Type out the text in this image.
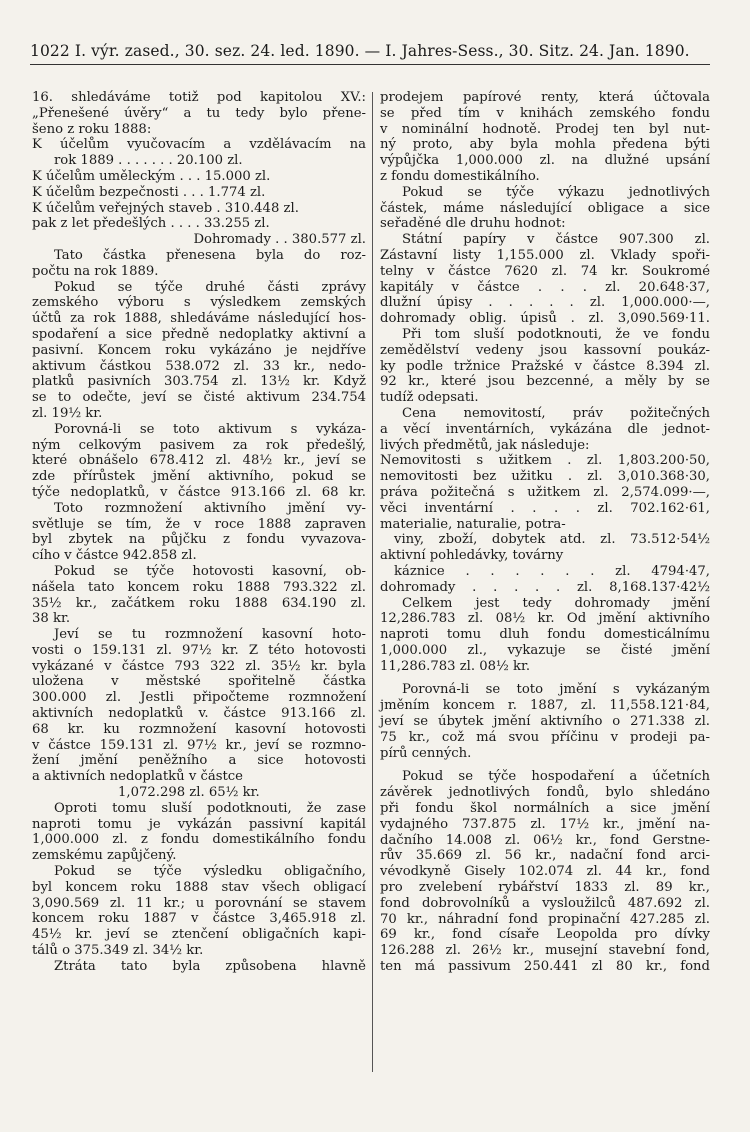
1022 I. výr. zased., 30. sez. 24. led. 1890. — I. Jahres-Sess., 30. Sitz. 24. Jan. 1890.
16. shledáváme totiž pod kapitolou XV.:
„Přenešené úvěry“ a tu tedy bylo přene-
šeno z roku 1888:
K účelům vyučovacím a vzdělávacím na
rok 1889 . . . . . . . 20.100 zl.
K účelům uměleckým . . . 15.000 zl.
K účelům bezpečnosti . . . 1.774 zl.
K účelům veřejných staveb . 310.448 zl.
pak z let předešlých . . . . 33.255 zl.
Dohromady . . 380.577 zl.
Tato částka přenesena byla do roz-
počtu na rok 1889.
Pokud se týče druhé části zprávy
zemského výboru s výsledkem zemských
účtů za rok 1888, shledáváme následující hos-
spodaření a sice předně nedoplatky aktivní a
pasivní. Koncem roku vykázáno je nejdříve
aktivum částkou 538.072 zl. 33 kr., nedo-
platků pasivních 303.754 zl. 13½ kr. Když
se to odečte, jeví se čisté aktivum 234.754
zl. 19½ kr.
Porovná-li se toto aktivum s vykáza-
ným celkovým pasivem za rok předešlý,
které obnášelo 678.412 zl. 48½ kr., jeví se
zde přírůstek jmění aktivního, pokud se
týče nedoplatků, v částce 913.166 zl. 68 kr.
Toto rozmnožení aktivního jmění vy-
světluje se tím, že v roce 1888 zapraven
byl zbytek na půjčku z fondu vyvazova-
cího v částce 942.858 zl.
Pokud se týče hotovosti kasovní, ob-
nášela tato koncem roku 1888 793.322 zl.
35½ kr., začátkem roku 1888 634.190 zl.
38 kr.
Jeví se tu rozmnožení kasovní hoto-
vosti o 159.131 zl. 97½ kr. Z této hotovosti
vykázané v částce 793 322 zl. 35½ kr. byla
uložena v městské spořitelně částka
300.000 zl. Jestli připočteme rozmnožení
aktivních nedoplatků v. částce 913.166 zl.
68 kr. ku rozmnožení kasovní hotovosti
v částce 159.131 zl. 97½ kr., jeví se rozmno-
žení jmění peněžního a sice hotovosti
a aktivních nedoplatků v částce
1,072.298 zl. 65½ kr.
Oproti tomu sluší podotknouti, že zase
naproti tomu je vykázán passivní kapitál
1,000.000 zl. z fondu domestikálního fondu
zemskému zapůjčený.
Pokud se týče výsledku obligačního,
byl koncem roku 1888 stav všech obligací
3,090.569 zl. 11 kr.; u porovnání se stavem
koncem roku 1887 v částce 3,465.918 zl.
45½ kr. jeví se ztenčení obligačních kapi-
tálů o 375.349 zl. 34½ kr.
Ztráta tato byla způsobena hlavně
prodejem papírové renty, která účtovala
se před tím v knihách zemského fondu
v nominální hodnotě. Prodej ten byl nut-
ný proto, aby byla mohla předena býti
výpůjčka 1,000.000 zl. na dlužné upsání
z fondu domestikálního.
Pokud se týče výkazu jednotlivých
částek, máme následující obligace a sice
seřaděné dle druhu hodnot:
Státní papíry v částce 907.300 zl.
Zástavní listy 1,155.000 zl. Vklady spoři-
telny v částce 7620 zl. 74 kr. Soukromé
kapitály v částce . . . zl. 20.648·37,
dlužní úpisy . . . . . zl. 1,000.000·—,
dohromady oblig. úpisů . zl. 3,090.569·11.
Při tom sluší podotknouti, že ve fondu
zemědělství vedeny jsou kassovní poukáz-
ky podle tržnice Pražské v částce 8.394 zl.
92 kr., které jsou bezcenné, a měly by se
tudíž odepsati.
Cena nemovitostí, práv požitečných
a věcí inventárních, vykázána dle jednot-
livých předmětů, jak následuje:
Nemovitosti s užitkem . zl. 1,803.200·50,
nemovitosti bez užitku . zl. 3,010.368·30,
práva požitečná s užitkem zl. 2,574.099·—,
věci inventární . . . . zl. 702.162·61,
materialie, naturalie, potra-
viny, zboží, dobytek atd. zl. 73.512·54½
aktivní pohledávky, továrny
káznice . . . . . . zl. 4794·47,
dohromady . . . . . zl. 8,168.137·42½
Celkem jest tedy dohromady jmění
12,286.783 zl. 08½ kr. Od jmění aktivního
naproti tomu dluh fondu domesticálnímu
1,000.000 zl., vykazuje se čisté jmění
11,286.783 zl. 08½ kr.
Porovná-li se toto jmění s vykázaným
jměním koncem r. 1887, zl. 11,558.121·84,
jeví se úbytek jmění aktivního o 271.338 zl.
75 kr., což má svou příčinu v prodeji pa-
pírů cenných.
Pokud se týče hospodaření a účetních
závěrek jednotlivých fondů, bylo shledáno
při fondu škol normálních a sice jmění
vydajného 737.875 zl. 17½ kr., jmění na-
dačního 14.008 zl. 06½ kr., fond Gerstne-
rův 35.669 zl. 56 kr., nadační fond arci-
vévodkyně Gisely 102.074 zl. 44 kr., fond
pro zvelebení rybářství 1833 zl. 89 kr.,
fond dobrovolníků a vysloužilců 487.692 zl.
70 kr., náhradní fond propinační 427.285 zl.
69 kr., fond císaře Leopolda pro dívky
126.288 zl. 26½ kr., musejní stavební fond,
ten má passivum 250.441 zl 80 kr., fond
